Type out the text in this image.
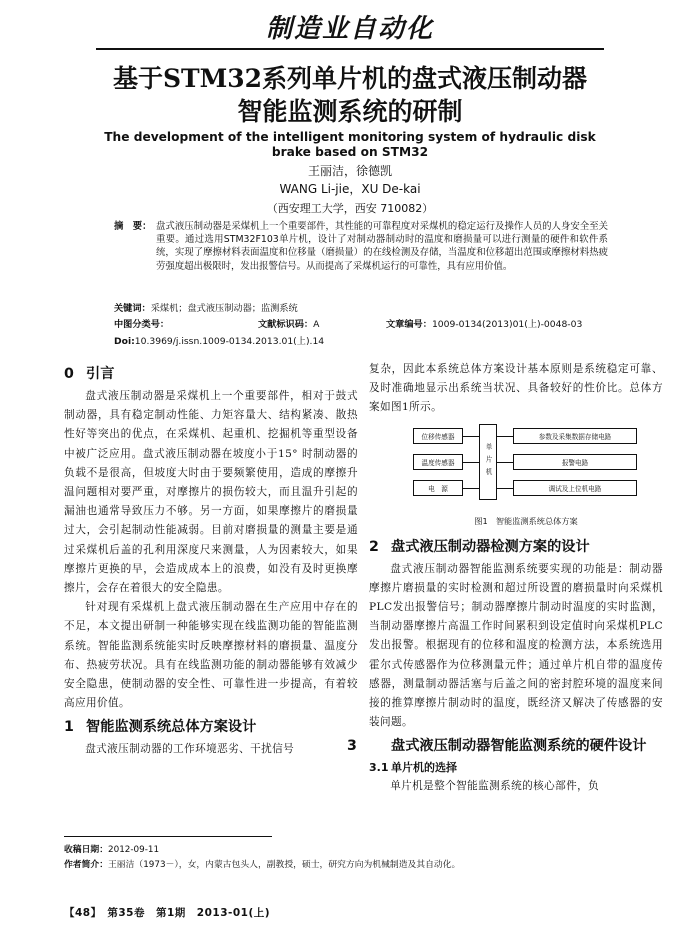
制造业自动化
基于STM32系列单片机的盘式液压制动器
智能监测系统的研制
The development of the intelligent monitoring system of hydraulic disk
brake based on STM32
王丽洁，徐德凯
WANG Li-jie，XU De-kai
（西安理工大学，西安 710082）
摘　要： 盘式液压制动器是采煤机上一个重要部件，其性能的可靠程度对采煤机的稳定运行及操作人员的人身安全至关重要。通过选用STM32F103单片机，设计了对制动器制动时的温度和磨损量可以进行测量的硬件和软件系统，实现了摩擦材料表面温度和位移量（磨损量）的在线检测及存储，当温度和位移超出范围或摩擦材料热疲劳强度超出极限时，发出报警信号。从而提高了采煤机运行的可靠性，具有应用价值。
关键词：采煤机；盘式液压制动器；监测系统
中图分类号：	文献标识码：A	文章编号：1009-0134(2013)01(上)-0048-03
Doi:10.3969/j.issn.1009-0134.2013.01(上).14
0 引言
盘式液压制动器是采煤机上一个重要部件，相对于鼓式制动器，具有稳定制动性能、力矩容量大、结构紧凑、散热性好等突出的优点，在采煤机、起重机、挖掘机等重型设备中被广泛应用。盘式液压制动器在坡度小于15° 时制动器的负载不是很高，但坡度大时由于要频繁使用，造成的摩擦升温问题相对要严重，对摩擦片的损伤较大，而且温升引起的漏油也通常导致压力不够。另一方面，如果摩擦片的磨损量过大，会引起制动性能减弱。目前对磨损量的测量主要是通过采煤机后盖的孔利用深度尺来测量，人为因素较大，如果摩擦片更换的早，会造成成本上的浪费，如没有及时更换摩擦片，会存在着很大的安全隐患。
针对现有采煤机上盘式液压制动器在生产应用中存在的不足，本文提出研制一种能够实现在线监测功能的智能监测系统。智能监测系统能实时反映摩擦材料的磨损量、温度分布、热疲劳状况。具有在线监测功能的制动器能够有效减少安全隐患，使制动器的安全性、可靠性进一步提高，有着较高应用价值。
1 智能监测系统总体方案设计
盘式液压制动器的工作环境恶劣、干扰信号
复杂，因此本系统总体方案设计基本原则是系统稳定可靠、及时准确地显示出系统当状况、具备较好的性价比。总体方案如图1所示。
位移传感器
温度传感器
电　源
单片机
参数及采集数据存储电路
报警电路
调试及上位机电路
图1　智能监测系统总体方案
2 盘式液压制动器检测方案的设计
盘式液压制动器智能监测系统要实现的功能是：制动器摩擦片磨损量的实时检测和超过所设置的磨损量时向采煤机PLC发出报警信号；制动器摩擦片制动时温度的实时监测，当制动器摩擦片高温工作时间累积到设定值时向采煤机PLC发出报警。根据现有的位移和温度的检测方法，本系统选用霍尔式传感器作为位移测量元件；通过单片机自带的温度传感器，测量制动器活塞与后盖之间的密封腔环境的温度来间接的推算摩擦片制动时的温度，既经济又解决了传感器的安装问题。
3 盘式液压制动器智能监测系统的硬件设计
3.1 单片机的选择
单片机是整个智能监测系统的核心部件，负
收稿日期：2012-09-11
作者简介：王丽洁（1973－），女，内蒙古包头人，副教授，硕士，研究方向为机械制造及其自动化。
【48】　第35卷　第1期　2013-01(上)
